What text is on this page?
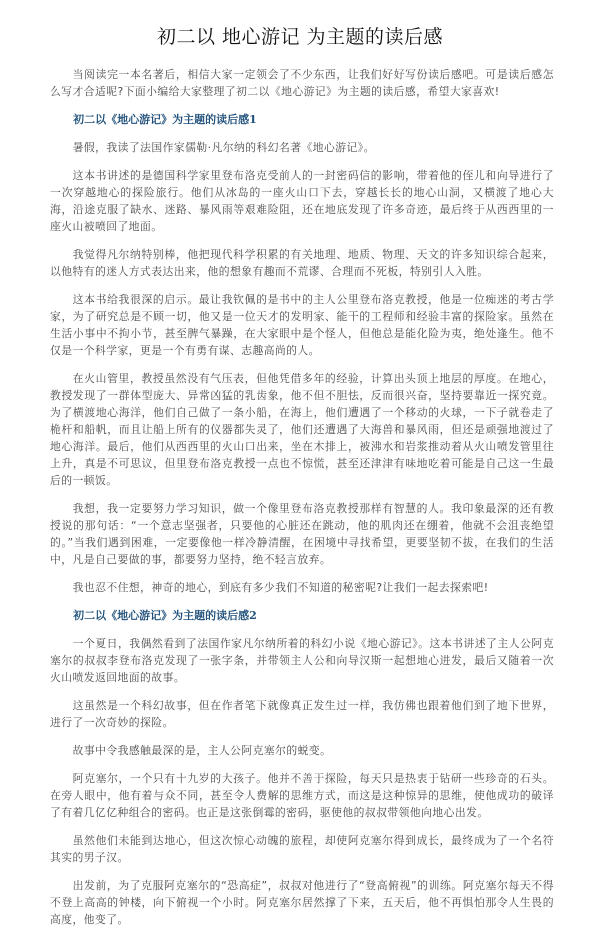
初二以 地心游记 为主题的读后感

当阅读完一本名著后，相信大家一定领会了不少东西，让我们好好写份读后感吧。可是读后感怎么写才合适呢?下面小编给大家整理了初二以《地心游记》为主题的读后感，希望大家喜欢!

初二以《地心游记》为主题的读后感1

暑假，我读了法国作家儒勒·凡尔纳的科幻名著《地心游记》。

这本书讲述的是德国科学家里登布洛克受前人的一封密码信的影响，带着他的侄儿和向导进行了一次穿越地心的探险旅行。他们从冰岛的一座火山口下去，穿越长长的地心山洞，又横渡了地心大海，沿途克服了缺水、迷路、暴风雨等艰难险阻，还在地底发现了许多奇迹，最后终于从西西里的一座火山被喷回了地面。

我觉得凡尔纳特别棒，他把现代科学积累的有关地理、地质、物理、天文的许多知识综合起来，以他特有的迷人方式表达出来，他的想象有趣而不荒谬、合理而不死板，特别引人入胜。

这本书给我很深的启示。最让我钦佩的是书中的主人公里登布洛克教授，他是一位痴迷的考古学家，为了研究总是不顾一切，他又是一位天才的发明家、能干的工程师和经验丰富的探险家。虽然在生活小事中不拘小节，甚至脾气暴躁，在大家眼中是个怪人，但他总是能化险为夷，绝处逢生。他不仅是一个科学家，更是一个有勇有谋、志趣高尚的人。

在火山管里，教授虽然没有气压表，但他凭借多年的经验，计算出头顶上地层的厚度。在地心，教授发现了一群体型庞大、异常凶猛的乳齿象，他不但不胆怯，反而很兴奋，坚持要靠近一探究竟。为了横渡地心海洋，他们自己做了一条小船，在海上，他们遭遇了一个移动的火球，一下子就卷走了桅杆和船帆，而且让船上所有的仪器都失灵了，他们还遭遇了大海兽和暴风雨，但还是顽强地渡过了地心海洋。最后，他们从西西里的火山口出来，坐在木排上，被沸水和岩浆推动着从火山喷发管里往上升，真是不可思议，但里登布洛克教授一点也不惊慌，甚至还津津有味地吃着可能是自己这一生最后的一顿饭。

我想，我一定要努力学习知识，做一个像里登布洛克教授那样有智慧的人。我印象最深的还有教授说的那句话：“一个意志坚强者，只要他的心脏还在跳动，他的肌肉还在绷着，他就不会沮丧绝望的。”当我们遇到困难，一定要像他一样冷静清醒，在困境中寻找希望，更要坚韧不拔，在我们的生活中，凡是自己要做的事，都要努力坚持，绝不轻言放弃。

我也忍不住想，神奇的地心，到底有多少我们不知道的秘密呢?让我们一起去探索吧!

初二以《地心游记》为主题的读后感2

一个夏日，我偶然看到了法国作家凡尔纳所着的科幻小说《地心游记》。这本书讲述了主人公阿克塞尔的叔叔李登布洛克发现了一张字条，并带领主人公和向导汉斯一起想地心进发，最后又随着一次火山喷发返回地面的故事。

这虽然是一个科幻故事，但在作者笔下就像真正发生过一样，我仿佛也跟着他们到了地下世界，进行了一次奇妙的探险。

故事中令我感触最深的是，主人公阿克塞尔的蜕变。

阿克塞尔，一个只有十九岁的大孩子。他并不善于探险，每天只是热衷于钻研一些珍奇的石头。在旁人眼中，他有着与众不同，甚至令人费解的思维方式，而这是这种惊异的思维，使他成功的破译了有着几亿亿种组合的密码。也正是这张倒霉的密码，驱使他的叔叔带领他向地心出发。

虽然他们未能到达地心，但这次惊心动魄的旅程，却使阿克塞尔得到成长，最终成为了一个名符其实的男子汉。

出发前，为了克服阿克塞尔的“恐高症”，叔叔对他进行了“登高俯视”的训练。阿克塞尔每天不得不登上高高的钟楼，向下俯视一个小时。阿克塞尔居然撑了下来，五天后，他不再惧怕那令人生畏的高度，他变了。
